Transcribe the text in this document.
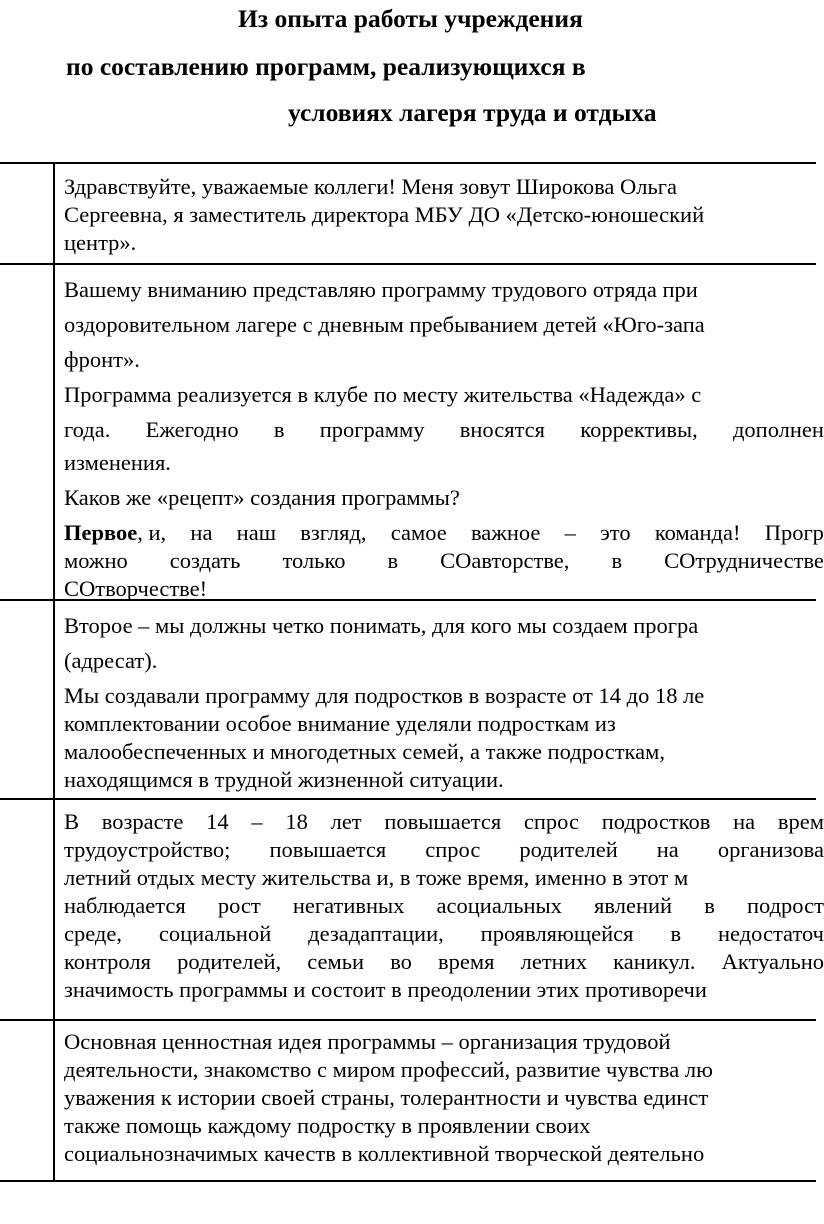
Из опыта работы учреждения
по составлению программ, реализующихся в
условиях лагеря труда и отдыха
Здравствуйте, уважаемые коллеги! Меня зовут Широкова Ольга
Сергеевна, я заместитель директора МБУ ДО «Детско-юношеский
центр».
Вашему вниманию представляю программу трудового отряда при
оздоровительном лагере с дневным пребыванием детей «Юго-запа
фронт».
Программа реализуется в клубе по месту жительства «Надежда» с
года. Ежегодно в программу вносятся коррективы, дополнен
изменения.
Каков же «рецепт» создания программы?
Первое, и, на наш взгляд, самое важное – это команда! Прогр
можно создать только в СОавторстве, в СОтрудничестве
СОтворчестве!
Второе – мы должны четко понимать, для кого мы создаем програ
(адресат).
Мы создавали программу для подростков в возрасте от 14 до 18 ле
комплектовании особое внимание уделяли подросткам из
малообеспеченных и многодетных семей, а также подросткам,
находящимся в трудной жизненной ситуации.
В возрасте 14 – 18 лет повышается спрос подростков на врем
трудоустройство; повышается спрос родителей на организова
летний отдых месту жительства и, в тоже время, именно в этот м
наблюдается рост негативных асоциальных явлений в подрост
среде, социальной дезадаптации, проявляющейся в недостаточ
контроля родителей, семьи во время летних каникул. Актуально
значимость программы и состоит в преодолении этих противоречи
Основная ценностная идея программы – организация трудовой
деятельности, знакомство с миром профессий, развитие чувства лю
уважения к истории своей страны, толерантности и чувства единст
также помощь каждому подростку в проявлении своих
социальнозначимых качеств в коллективной творческой деятельно
